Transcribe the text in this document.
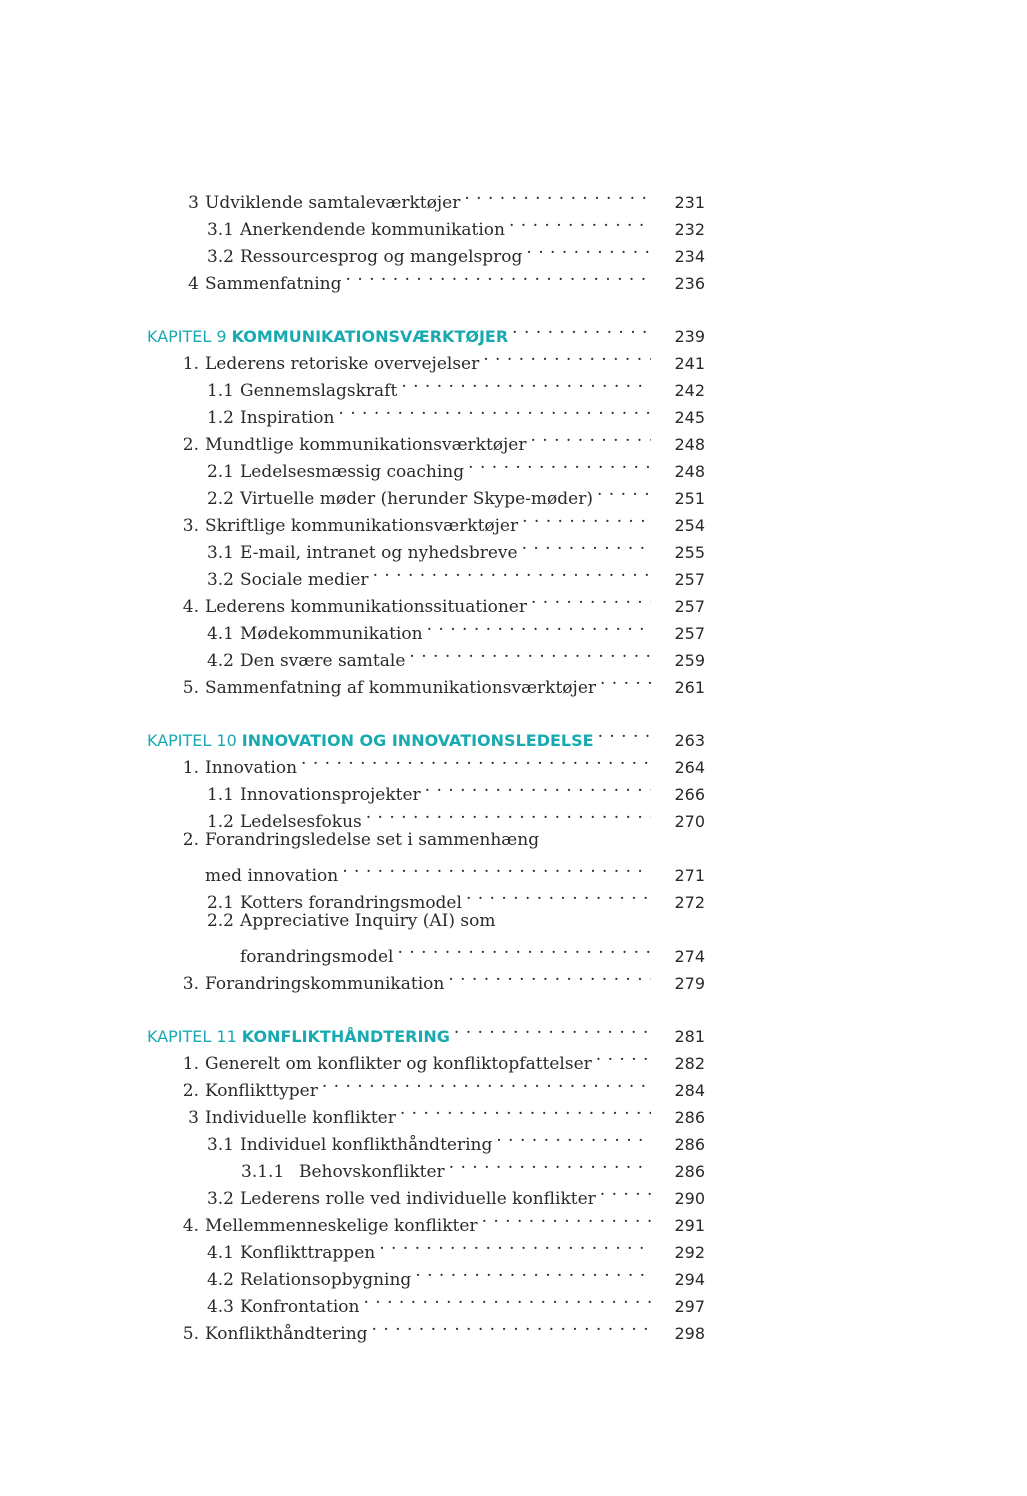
3 Udviklende samtaleværktøjer . . .	231
3.1 Anerkendende kommunikation . . .	232
3.2 Ressourcesprog og mangelsprog . . .	234
4 Sammenfatning . . .	236
KAPITEL 9 KOMMUNIKATIONSVÆRKTØJER . . .	239
1. Lederens retoriske overvejelser . . .	241
1.1 Gennemslagskraft . . .	242
1.2 Inspiration . . .	245
2. Mundtlige kommunikationsværktøjer . . .	248
2.1 Ledelsesmæssig coaching . . .	248
2.2 Virtuelle møder (herunder Skype-møder) . . .	251
3. Skriftlige kommunikationsværktøjer . . .	254
3.1 E-mail, intranet og nyhedsbreve . . .	255
3.2 Sociale medier . . .	257
4. Lederens kommunikationssituationer . . .	257
4.1 Mødekommunikation . . .	257
4.2 Den svære samtale . . .	259
5. Sammenfatning af kommunikationsværktøjer . . .	261
KAPITEL 10 INNOVATION OG INNOVATIONSLEDELSE . . .	263
1. Innovation . . .	264
1.1 Innovationsprojekter . . .	266
1.2 Ledelsesfokus . . .	270
2. Forandringsledelse set i sammenhæng
med innovation . . .	271
2.1 Kotters forandringsmodel . . .	272
2.2 Appreciative Inquiry (AI) som
forandringsmodel . . .	274
3. Forandringskommunikation . . .	279
KAPITEL 11 KONFLIKTHÅNDTERING . . .	281
1. Generelt om konflikter og konfliktopfattelser . . .	282
2. Konflikttyper . . .	284
3 Individuelle konflikter . . .	286
3.1 Individuel konflikthåndtering . . .	286
3.1.1 Behovskonflikter . . .	286
3.2 Lederens rolle ved individuelle konflikter . . .	290
4. Mellemmenneskelige konflikter . . .	291
4.1 Konflikttrappen . . .	292
4.2 Relationsopbygning . . .	294
4.3 Konfrontation . . .	297
5. Konflikthåndtering . . .	298
